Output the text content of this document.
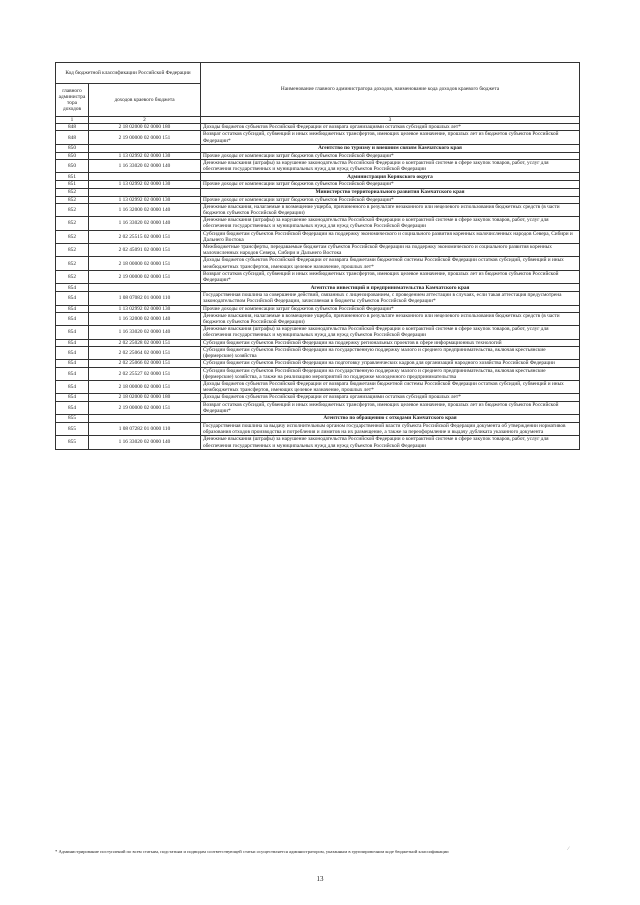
Код бюджетной классификации Российской Федерации		Наименование главного администратора доходов, наименование кода доходов краевого бюджета
главного администратора доходов	доходов краевого бюджета	
1	2	3
848	2 18 02000 02 0000 180	Доходы бюджетов субъектов Российской Федерации от возврата организациями остатков субсидий прошлых лет*
848	2 19 00000 02 0000 151	Возврат остатков субсидий, субвенций и иных межбюджетных трансфертов, имеющих целевое назначение, прошлых лет из бюджетов субъектов Российской Федерации*
850		Агентство по туризму и внешним связям Камчатского края
850	1 13 02992 02 0000 130	Прочие доходы от компенсации затрат бюджетов субъектов Российской Федерации*
850	1 16 33020 02 0000 140	Денежные взыскания (штрафы) за нарушение законодательства Российской Федерации о контрактной системе в сфере закупок товаров, работ, услуг для обеспечения государственных и муниципальных нужд для нужд субъектов Российской Федерации
851		Администрация Корякского округа
851	1 13 02992 02 0000 130	Прочие доходы от компенсации затрат бюджетов субъектов Российской Федерации*
852		Министерство территориального развития Камчатского края
852	1 13 02992 02 0000 130	Прочие доходы от компенсации затрат бюджетов субъектов Российской Федерации*
852	1 16 32000 02 0000 140	Денежные взыскания, налагаемые в возмещение ущерба, причиненного в результате незаконного или нецелевого использования бюджетных средств (в части бюджетов субъектов Российской Федерации)
852	1 16 33020 02 0000 140	Денежные взыскания (штрафы) за нарушение законодательства Российской Федерации о контрактной системе в сфере закупок товаров, работ, услуг для обеспечения государственных и муниципальных нужд для нужд субъектов Российской Федерации
852	2 02 25515 02 0000 151	Субсидии бюджетам субъектов Российской Федерации на поддержку экономического и социального развития коренных малочисленных народов Севера, Сибири и Дальнего Востока
852	2 02 45091 02 0000 151	Межбюджетные трансферты, передаваемые бюджетам субъектов Российской Федерации на поддержку экономического и социального развития коренных малочисленных народов Севера, Сибири и Дальнего Востока
852	2 18 00000 02 0000 151	Доходы бюджетов субъектов Российской Федерации от возврата бюджетами бюджетной системы Российской Федерации остатков субсидий, субвенций и иных межбюджетных трансфертов, имеющих целевое назначение, прошлых лет*
852	2 19 00000 02 0000 151	Возврат остатков субсидий, субвенций и иных межбюджетных трансфертов, имеющих целевое назначение, прошлых лет из бюджетов субъектов Российской Федерации*
854		Агентство инвестиций и предпринимательства Камчатского края
854	1 08 07082 01 0000 110	Государственная пошлина за совершение действий, связанных с лицензированием, с проведением аттестации в случаях, если такая аттестация предусмотрена законодательством Российской Федерации, зачисляемая в бюджеты субъектов Российской Федерации*
854	1 13 02992 02 0000 130	Прочие доходы от компенсации затрат бюджетов субъектов Российской Федерации*
854	1 16 32000 02 0000 140	Денежные взыскания, налагаемые в возмещение ущерба, причиненного в результате незаконного или нецелевого использования бюджетных средств (в части бюджетов субъектов Российской Федерации)
854	1 16 33020 02 0000 140	Денежные взыскания (штрафы) за нарушение законодательства Российской Федерации о контрактной системе в сфере закупок товаров, работ, услуг для обеспечения государственных и муниципальных нужд для нужд субъектов Российской Федерации
854	2 02 25028 02 0000 151	Субсидии бюджетам субъектов Российской Федерации на поддержку региональных проектов в сфере информационных технологий
854	2 02 25064 02 0000 151	Субсидии бюджетам субъектов Российской Федерации на государственную поддержку малого и среднего предпринимательства, включая крестьянские (фермерские) хозяйства
854	2 02 25066 02 0000 151	Субсидии бюджетам субъектов Российской Федерации на подготовку управленческих кадров для организаций народного хозяйства Российской Федерации
854	2 02 25527 02 0000 151	Субсидии бюджетам субъектов Российской Федерации на государственную поддержку малого и среднего предпринимательства, включая крестьянские (фермерские) хозяйства, а также на реализацию мероприятий по поддержке молодежного предпринимательства
854	2 18 00000 02 0000 151	Доходы бюджетов субъектов Российской Федерации от возврата бюджетами бюджетной системы Российской Федерации остатков субсидий, субвенций и иных межбюджетных трансфертов, имеющих целевое назначение, прошлых лет*
854	2 18 02000 02 0000 180	Доходы бюджетов субъектов Российской Федерации от возврата организациями остатков субсидий прошлых лет*
854	2 19 00000 02 0000 151	Возврат остатков субсидий, субвенций и иных межбюджетных трансфертов, имеющих целевое назначение, прошлых лет из бюджетов субъектов Российской Федерации*
855		Агентство по обращению с отходами Камчатского края
855	1 08 07282 01 0000 110	Государственная пошлина за выдачу исполнительным органом государственной власти субъекта Российской Федерации документа об утверждении нормативов образования отходов производства и потребления и лимитов на их размещение, а также за переоформление и выдачу дубликата указанного документа
855	1 16 33020 02 0000 140	Денежные взыскания (штрафы) за нарушение законодательства Российской Федерации о контрактной системе в сфере закупок товаров, работ, услуг для обеспечения государственных и муниципальных нужд для нужд субъектов Российской Федерации
* Администрирование поступлений по всем статьям, подстатьям и подвидам соответствующей статьи осуществляется администратором, указанным в группировочном коде бюджетной классификации	⁄
13
